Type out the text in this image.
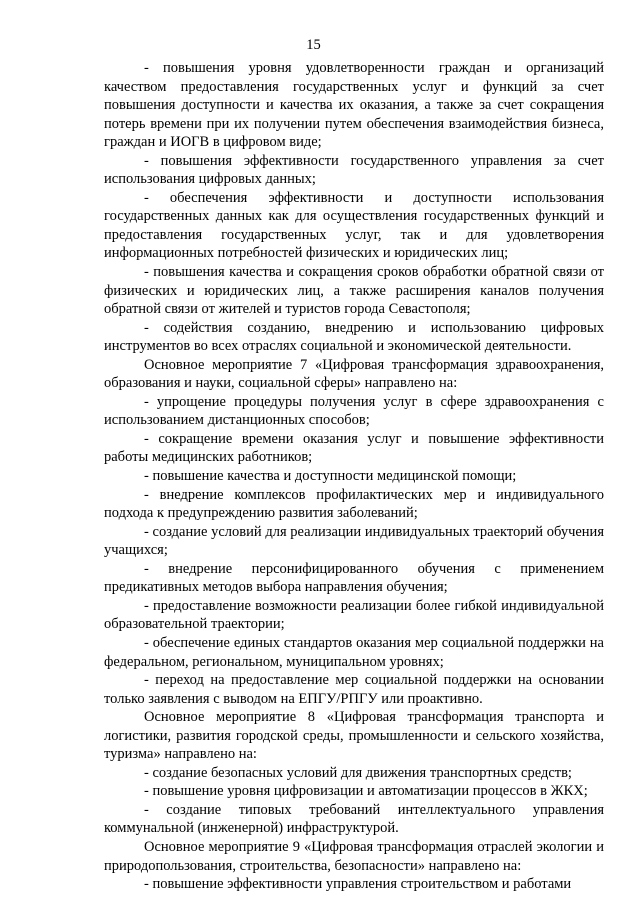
15

- повышения уровня удовлетворенности граждан и организаций качеством предоставления государственных услуг и функций за счет повышения доступности и качества их оказания, а также за счет сокращения потерь времени при их получении путем обеспечения взаимодействия бизнеса, граждан и ИОГВ в цифровом виде;

- повышения эффективности государственного управления за счет использования цифровых данных;

- обеспечения эффективности и доступности использования государственных данных как для осуществления государственных функций и предоставления государственных услуг, так и для удовлетворения информационных потребностей физических и юридических лиц;

- повышения качества и сокращения сроков обработки обратной связи от физических и юридических лиц, а также расширения каналов получения обратной связи от жителей и туристов города Севастополя;

- содействия созданию, внедрению и использованию цифровых инструментов во всех отраслях социальной и экономической деятельности.

Основное мероприятие 7 «Цифровая трансформация здравоохранения, образования и науки, социальной сферы» направлено на:

- упрощение процедуры получения услуг в сфере здравоохранения с использованием дистанционных способов;

- сокращение времени оказания услуг и повышение эффективности работы медицинских работников;

- повышение качества и доступности медицинской помощи;

- внедрение комплексов профилактических мер и индивидуального подхода к предупреждению развития заболеваний;

- создание условий для реализации индивидуальных траекторий обучения учащихся;

- внедрение персонифицированного обучения с применением предикативных методов выбора направления обучения;

- предоставление возможности реализации более гибкой индивидуальной образовательной траектории;

- обеспечение единых стандартов оказания мер социальной поддержки на федеральном, региональном, муниципальном уровнях;

- переход на предоставление мер социальной поддержки на основании только заявления с выводом на ЕПГУ/РПГУ или проактивно.

Основное мероприятие 8 «Цифровая трансформация транспорта и логистики, развития городской среды, промышленности и сельского хозяйства, туризма» направлено на:

- создание безопасных условий для движения транспортных средств;

- повышение уровня цифровизации и автоматизации процессов в ЖКХ;

- создание типовых требований интеллектуального управления коммунальной (инженерной) инфраструктурой.

Основное мероприятие 9 «Цифровая трансформация отраслей экологии и природопользования, строительства, безопасности» направлено на:

- повышение эффективности управления строительством и работами
